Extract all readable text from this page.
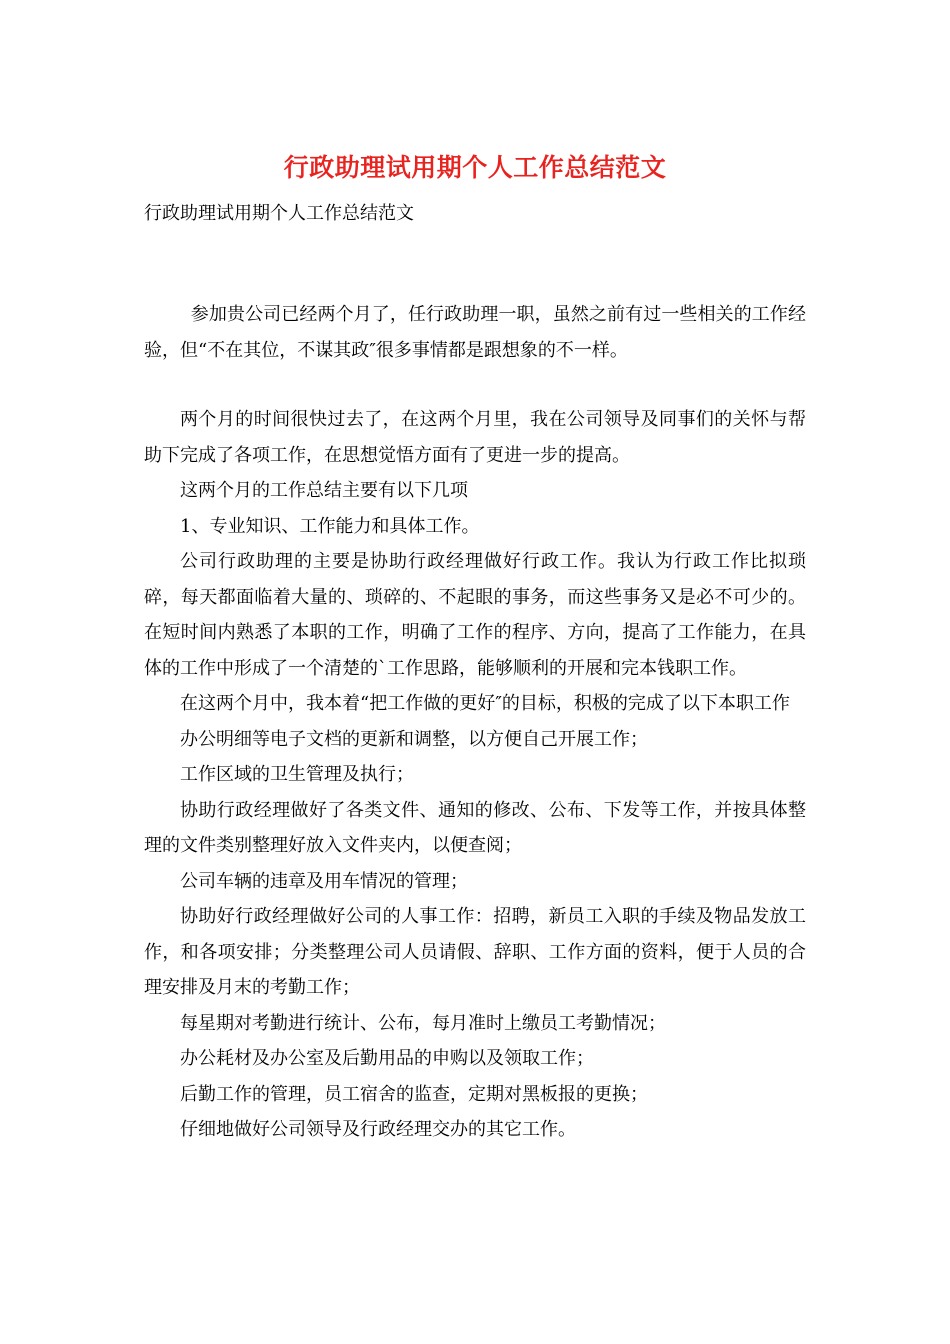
行政助理试用期个人工作总结范文
行政助理试用期个人工作总结范文

参加贵公司已经两个月了，任行政助理一职，虽然之前有过一些相关的工作经验，但“不在其位，不谋其政″很多事情都是跟想象的不一样。

两个月的时间很快过去了，在这两个月里，我在公司领导及同事们的关怀与帮助下完成了各项工作，在思想觉悟方面有了更进一步的提高。

这两个月的工作总结主要有以下几项

1、专业知识、工作能力和具体工作。

公司行政助理的主要是协助行政经理做好行政工作。我认为行政工作比拟琐碎，每天都面临着大量的、琐碎的、不起眼的事务，而这些事务又是必不可少的。在短时间内熟悉了本职的工作，明确了工作的程序、方向，提高了工作能力，在具体的工作中形成了一个清楚的`工作思路，能够顺利的开展和完本钱职工作。

在这两个月中，我本着“把工作做的更好″的目标，积极的完成了以下本职工作

办公明细等电子文档的更新和调整，以方便自己开展工作；

工作区域的卫生管理及执行；

协助行政经理做好了各类文件、通知的修改、公布、下发等工作，并按具体整理的文件类别整理好放入文件夹内，以便查阅；

公司车辆的违章及用车情况的管理；

协助好行政经理做好公司的人事工作：招聘，新员工入职的手续及物品发放工作，和各项安排；分类整理公司人员请假、辞职、工作方面的资料，便于人员的合理安排及月末的考勤工作；

每星期对考勤进行统计、公布，每月准时上缴员工考勤情况；

办公耗材及办公室及后勤用品的申购以及领取工作；

后勤工作的管理，员工宿舍的监查，定期对黑板报的更换；

仔细地做好公司领导及行政经理交办的其它工作。
